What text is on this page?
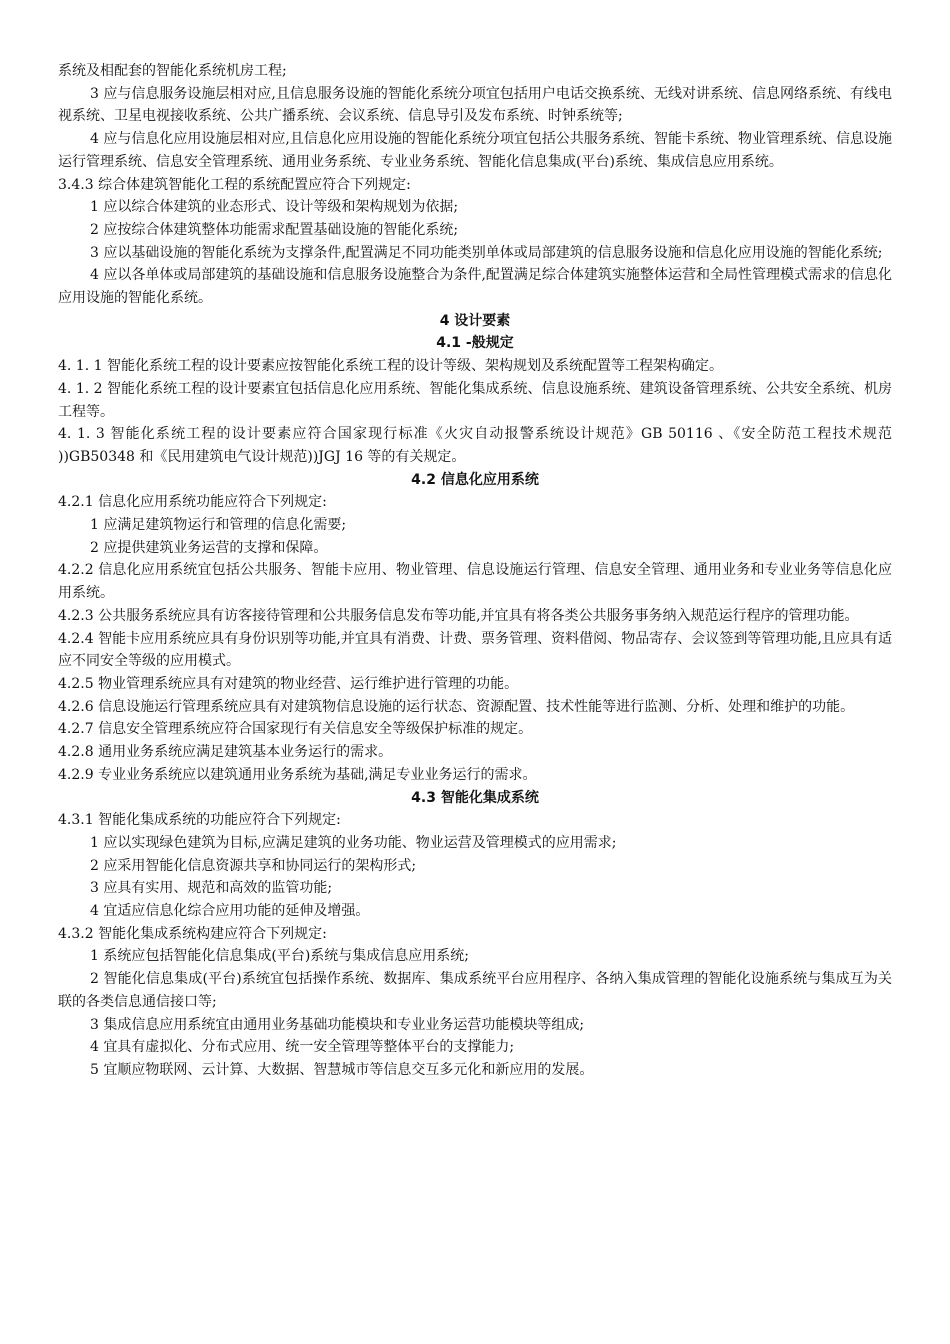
系统及相配套的智能化系统机房工程;
3 应与信息服务设施层相对应,且信息服务设施的智能化系统分项宜包括用户电话交换系统、无线对讲系统、信息网络系统、有线电视系统、卫星电视接收系统、公共广播系统、会议系统、信息导引及发布系统、时钟系统等;
4 应与信息化应用设施层相对应,且信息化应用设施的智能化系统分项宜包括公共服务系统、智能卡系统、物业管理系统、信息设施运行管理系统、信息安全管理系统、通用业务系统、专业业务系统、智能化信息集成(平台)系统、集成信息应用系统。
3.4.3 综合体建筑智能化工程的系统配置应符合下列规定:
1 应以综合体建筑的业态形式、设计等级和架构规划为依据;
2 应按综合体建筑整体功能需求配置基础设施的智能化系统;
3 应以基础设施的智能化系统为支撑条件,配置满足不同功能类别单体或局部建筑的信息服务设施和信息化应用设施的智能化系统;
4 应以各单体或局部建筑的基础设施和信息服务设施整合为条件,配置满足综合体建筑实施整体运营和全局性管理模式需求的信息化应用设施的智能化系统。
4 设计要素
4.1 -般规定
4. 1. 1 智能化系统工程的设计要素应按智能化系统工程的设计等级、架构规划及系统配置等工程架构确定。
4. 1. 2 智能化系统工程的设计要素宜包括信息化应用系统、智能化集成系统、信息设施系统、建筑设备管理系统、公共安全系统、机房工程等。
4. 1. 3 智能化系统工程的设计要素应符合国家现行标准《火灾自动报警系统设计规范》GB 50116 、《安全防范工程技术规范 ))GB50348 和《民用建筑电气设计规范))JGJ 16 等的有关规定。
4.2 信息化应用系统
4.2.1 信息化应用系统功能应符合下列规定:
1 应满足建筑物运行和管理的信息化需要;
2 应提供建筑业务运营的支撑和保障。
4.2.2 信息化应用系统宜包括公共服务、智能卡应用、物业管理、信息设施运行管理、信息安全管理、通用业务和专业业务等信息化应用系统。
4.2.3 公共服务系统应具有访客接待管理和公共服务信息发布等功能,并宜具有将各类公共服务事务纳入规范运行程序的管理功能。
4.2.4 智能卡应用系统应具有身份识别等功能,并宜具有消费、计费、票务管理、资料借阅、物品寄存、会议签到等管理功能,且应具有适应不同安全等级的应用模式。
4.2.5 物业管理系统应具有对建筑的物业经营、运行维护进行管理的功能。
4.2.6 信息设施运行管理系统应具有对建筑物信息设施的运行状态、资源配置、技术性能等进行监测、分析、处理和维护的功能。
4.2.7 信息安全管理系统应符合国家现行有关信息安全等级保护标准的规定。
4.2.8 通用业务系统应满足建筑基本业务运行的需求。
4.2.9 专业业务系统应以建筑通用业务系统为基础,满足专业业务运行的需求。
4.3 智能化集成系统
4.3.1 智能化集成系统的功能应符合下列规定:
1 应以实现绿色建筑为目标,应满足建筑的业务功能、物业运营及管理模式的应用需求;
2 应采用智能化信息资源共享和协同运行的架构形式;
3 应具有实用、规范和高效的监管功能;
4 宜适应信息化综合应用功能的延伸及增强。
4.3.2 智能化集成系统构建应符合下列规定:
1 系统应包括智能化信息集成(平台)系统与集成信息应用系统;
2 智能化信息集成(平台)系统宜包括操作系统、数据库、集成系统平台应用程序、各纳入集成管理的智能化设施系统与集成互为关联的各类信息通信接口等;
3 集成信息应用系统宜由通用业务基础功能模块和专业业务运营功能模块等组成;
4 宜具有虚拟化、分布式应用、统一安全管理等整体平台的支撑能力;
5 宜顺应物联网、云计算、大数据、智慧城市等信息交互多元化和新应用的发展。
